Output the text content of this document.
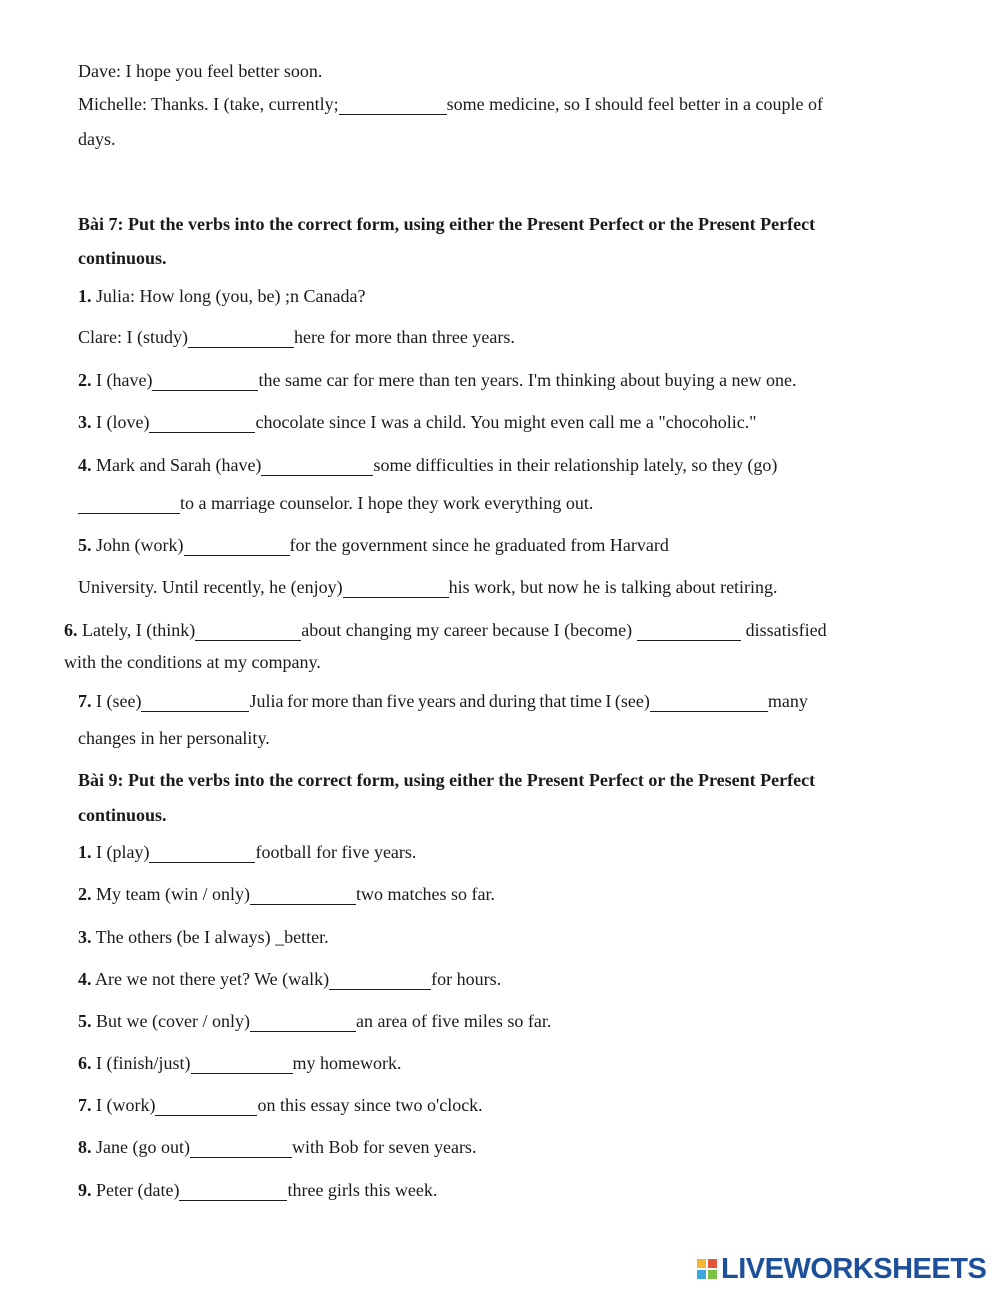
Dave: I hope you feel better soon.
Michelle: Thanks. I (take, currently;	some medicine, so I should feel better in a couple of
days.
Bài 7: Put the verbs into the correct form, using either the Present Perfect or the Present Perfect
continuous.
1. Julia: How long (you, be) ;n Canada?
Clare: I (study)	here for more than three years.
2. I (have)	the same car for mere than ten years. I'm thinking about buying a new one.
3. I (love)	chocolate since I was a child. You might even call me a "chocoholic."
4. Mark and Sarah (have)	some difficulties in their relationship lately, so they (go)
to a marriage counselor. I hope they work everything out.
5. John (work)	for the government since he graduated from Harvard
University. Until recently, he (enjoy)	his work, but now he is talking about retiring.
6. Lately, I (think)	about changing my career because I (become)	dissatisfied
with the conditions at my company.
7. I (see)	Julia for more than five years and during that time I (see)	many
changes in her personality.
Bài 9: Put the verbs into the correct form, using either the Present Perfect or the Present Perfect
continuous.
1. I (play)	football for five years.
2. My team (win / only)	two matches so far.
3. The others (be I always) _better.
4. Are we not there yet? We (walk)	for hours.
5. But we (cover / only)	an area of five miles so far.
6. I (finish/just)	my homework.
7. I (work)	on this essay since two o'clock.
8. Jane (go out)	with Bob for seven years.
9. Peter (date)	three girls this week.
LIVEWORKSHEETS
